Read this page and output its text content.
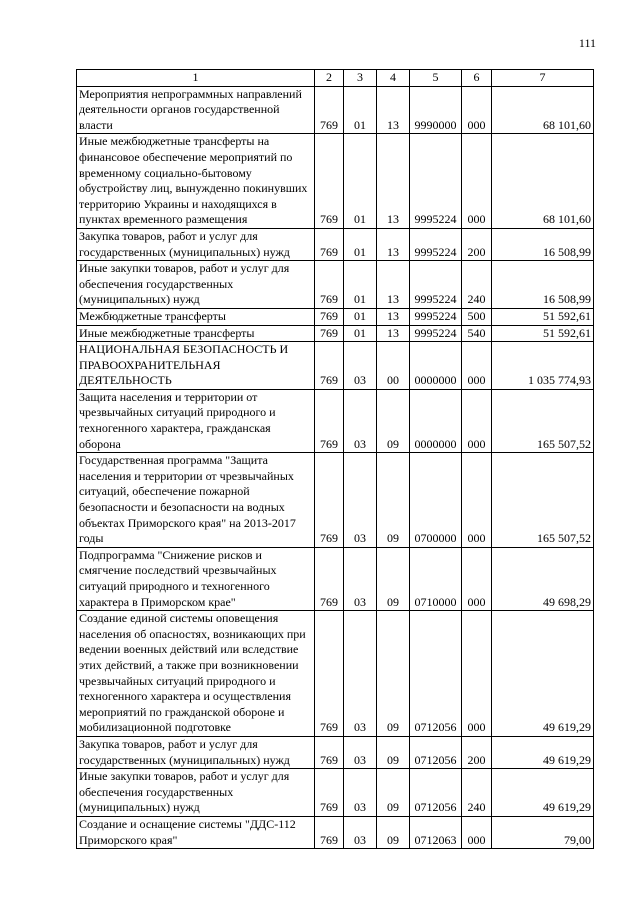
111
1	2	3	4	5	6	7
Мероприятия непрограммных направлений деятельности органов государственной власти	769	01	13	9990000	000	68 101,60
Иные межбюджетные трансферты на финансовое обеспечение мероприятий по временному социально-бытовому обустройству лиц, вынужденно покинувших территорию Украины и находящихся в пунктах временного размещения	769	01	13	9995224	000	68 101,60
Закупка товаров, работ и услуг для государственных (муниципальных) нужд	769	01	13	9995224	200	16 508,99
Иные закупки товаров, работ и услуг для обеспечения государственных (муниципальных) нужд	769	01	13	9995224	240	16 508,99
Межбюджетные трансферты	769	01	13	9995224	500	51 592,61
Иные межбюджетные трансферты	769	01	13	9995224	540	51 592,61
НАЦИОНАЛЬНАЯ БЕЗОПАСНОСТЬ И ПРАВООХРАНИТЕЛЬНАЯ ДЕЯТЕЛЬНОСТЬ	769	03	00	0000000	000	1 035 774,93
Защита населения и территории от чрезвычайных ситуаций природного и техногенного характера, гражданская оборона	769	03	09	0000000	000	165 507,52
Государственная программа "Защита населения и территории от чрезвычайных ситуаций, обеспечение пожарной безопасности и безопасности на водных объектах Приморского края" на 2013-2017 годы	769	03	09	0700000	000	165 507,52
Подпрограмма "Снижение рисков и смягчение последствий чрезвычайных ситуаций природного и техногенного характера в Приморском крае"	769	03	09	0710000	000	49 698,29
Создание единой системы оповещения населения об опасностях, возникающих при ведении военных действий или вследствие этих действий, а также при возникновении чрезвычайных ситуаций природного и техногенного характера и осуществления мероприятий по гражданской обороне и мобилизационной подготовке	769	03	09	0712056	000	49 619,29
Закупка товаров, работ и услуг для государственных (муниципальных) нужд	769	03	09	0712056	200	49 619,29
Иные закупки товаров, работ и услуг для обеспечения государственных (муниципальных) нужд	769	03	09	0712056	240	49 619,29
Создание и оснащение системы "ДДС-112 Приморского края"	769	03	09	0712063	000	79,00
